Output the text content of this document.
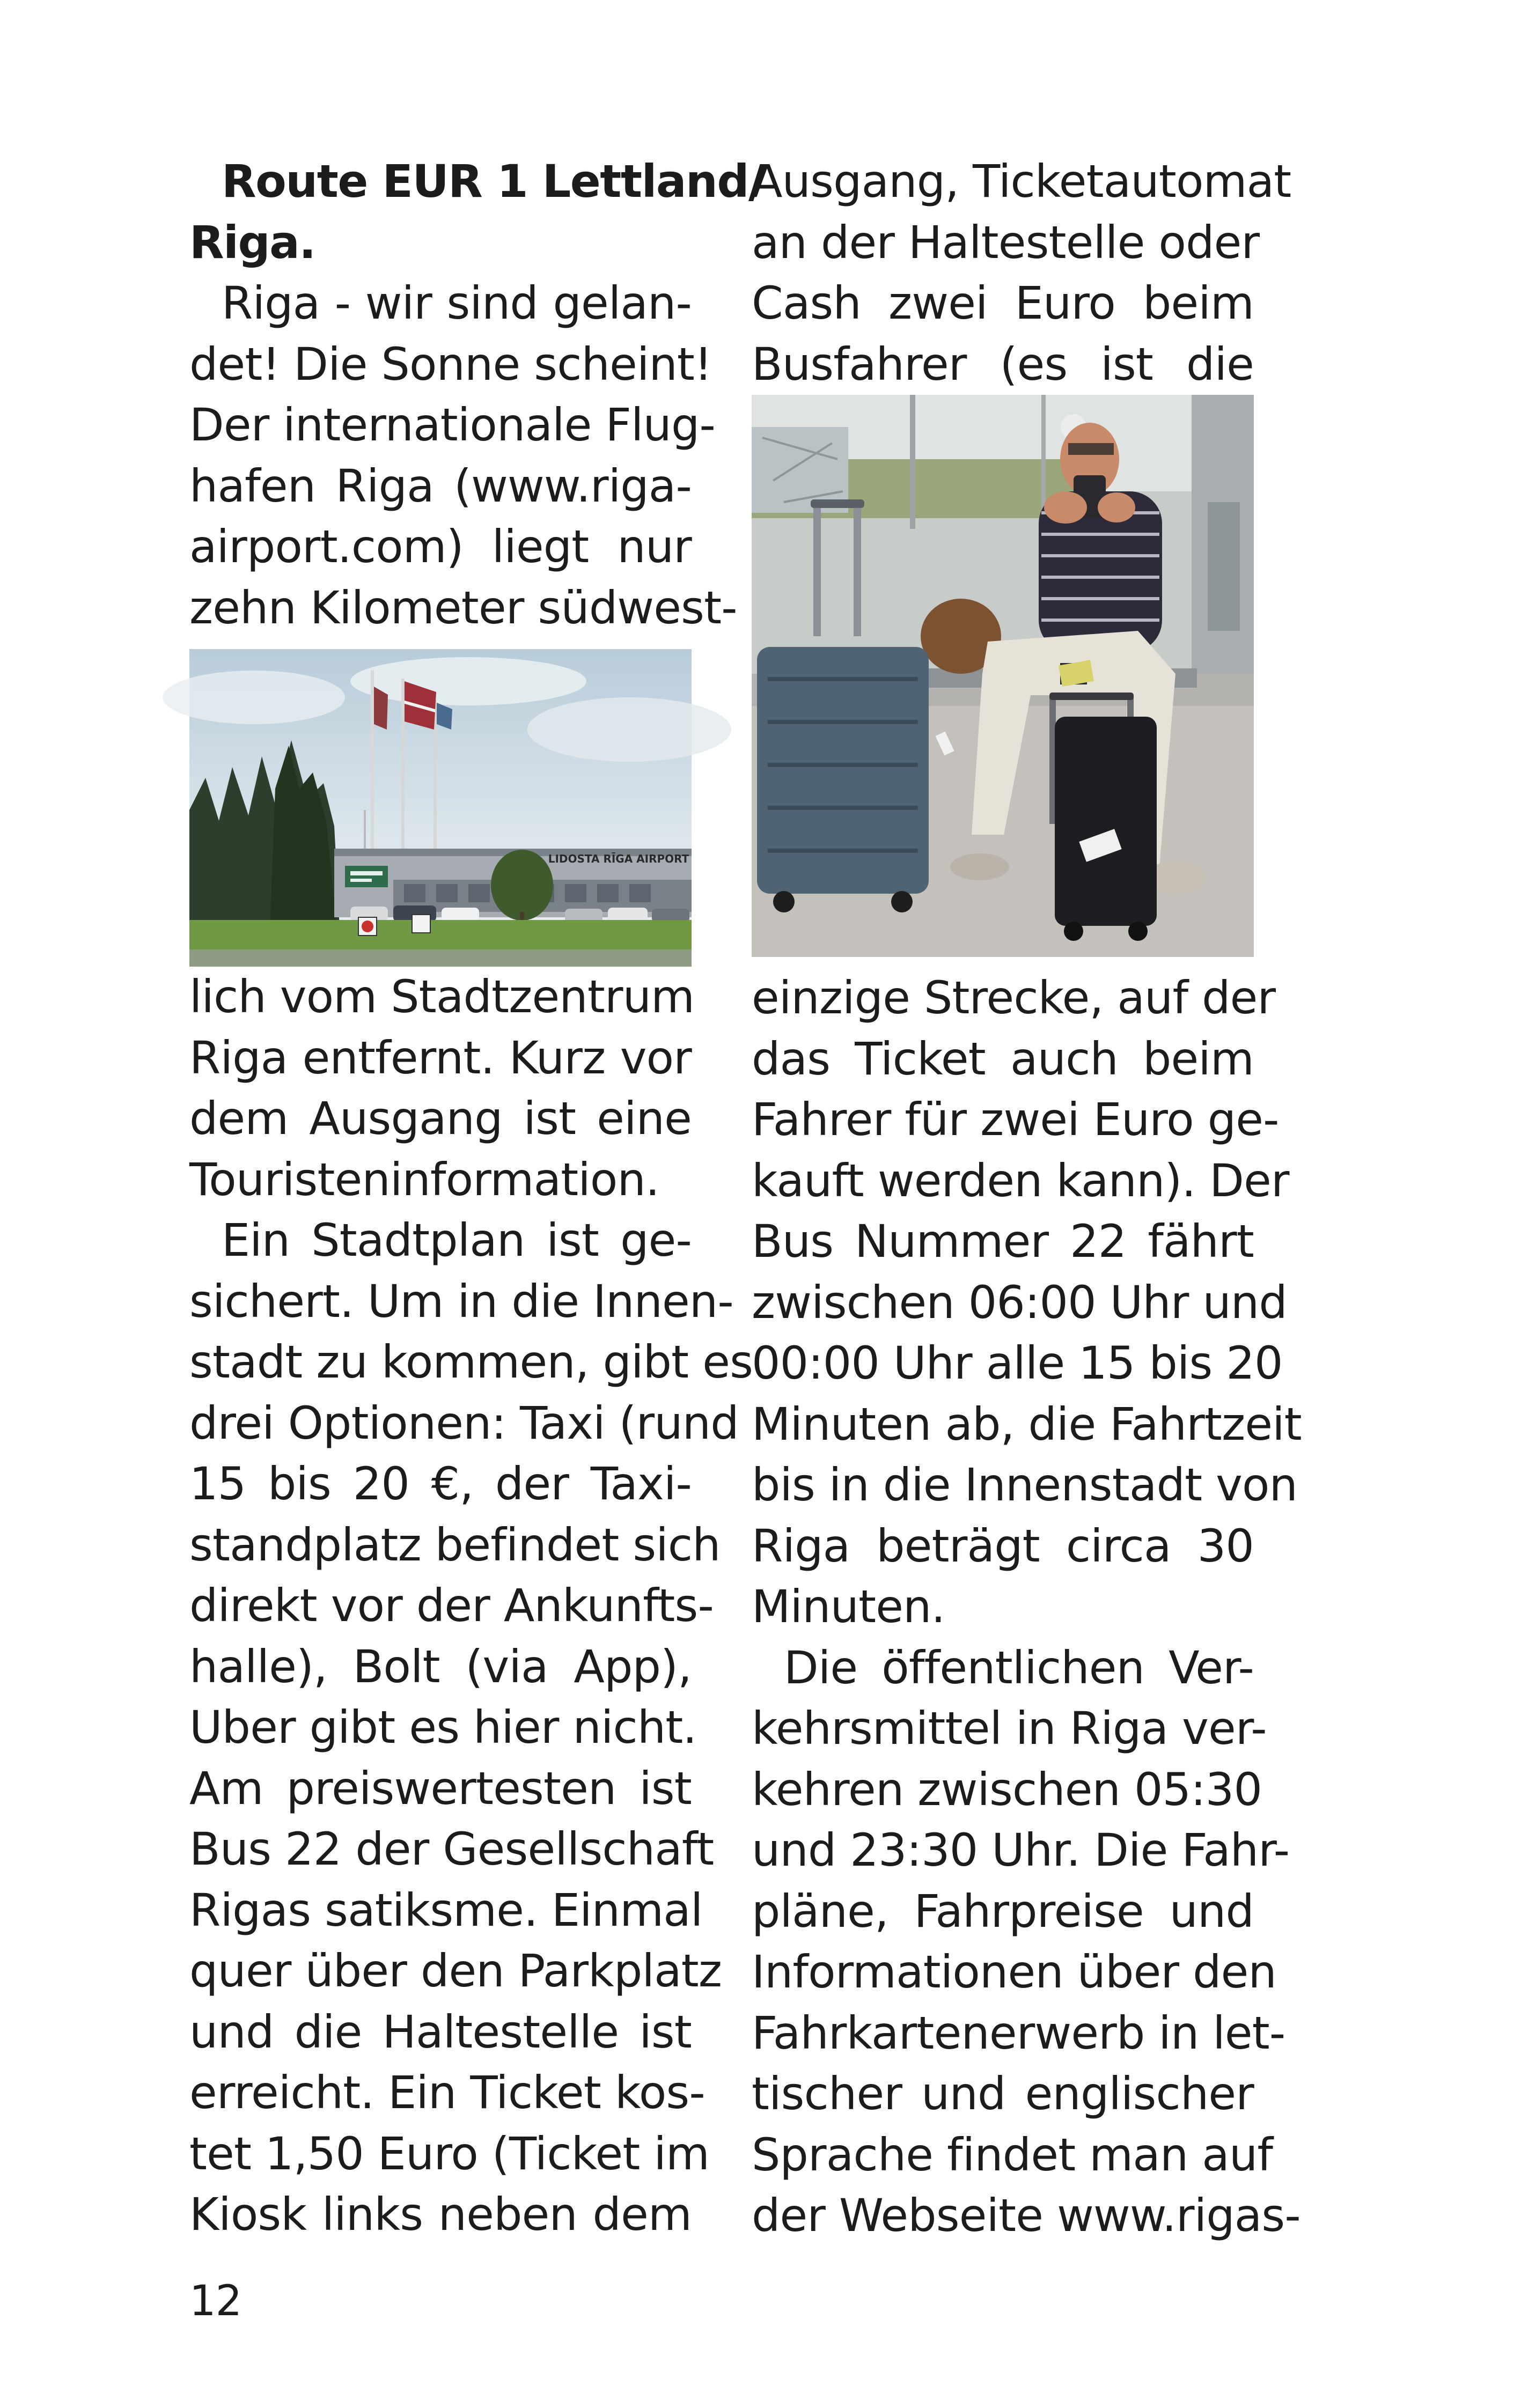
Route EUR 1 Lettland/
Riga.
Riga - wir sind gelan-
det! Die Sonne scheint!
Der internationale Flug-
hafen Riga (www.riga-
airport.com) liegt nur
zehn Kilometer südwest-
LIDOSTA RĪGA AIRPORT
lich vom Stadtzentrum
Riga entfernt. Kurz vor
dem Ausgang ist eine
Touristeninformation.
Ein Stadtplan ist ge-
sichert. Um in die Innen-
stadt zu kommen, gibt es
drei Optionen: Taxi (rund
15 bis 20 €, der Taxi-
standplatz befindet sich
direkt vor der Ankunfts-
halle), Bolt (via App),
Uber gibt es hier nicht.
Am preiswertesten ist
Bus 22 der Gesellschaft
Rigas satiksme. Einmal
quer über den Parkplatz
und die Haltestelle ist
erreicht. Ein Ticket kos-
tet 1,50 Euro (Ticket im
Kiosk links neben dem
Ausgang, Ticketautomat
an der Haltestelle oder
Cash zwei Euro beim
Busfahrer (es ist die
einzige Strecke, auf der
das Ticket auch beim
Fahrer für zwei Euro ge-
kauft werden kann). Der
Bus Nummer 22 fährt
zwischen 06:00 Uhr und
00:00 Uhr alle 15 bis 20
Minuten ab, die Fahrtzeit
bis in die Innenstadt von
Riga beträgt circa 30
Minuten.
Die öffentlichen Ver-
kehrsmittel in Riga ver-
kehren zwischen 05:30
und 23:30 Uhr. Die Fahr-
pläne, Fahrpreise und
Informationen über den
Fahrkartenerwerb in let-
tischer und englischer
Sprache findet man auf
der Webseite www.rigas-
12
